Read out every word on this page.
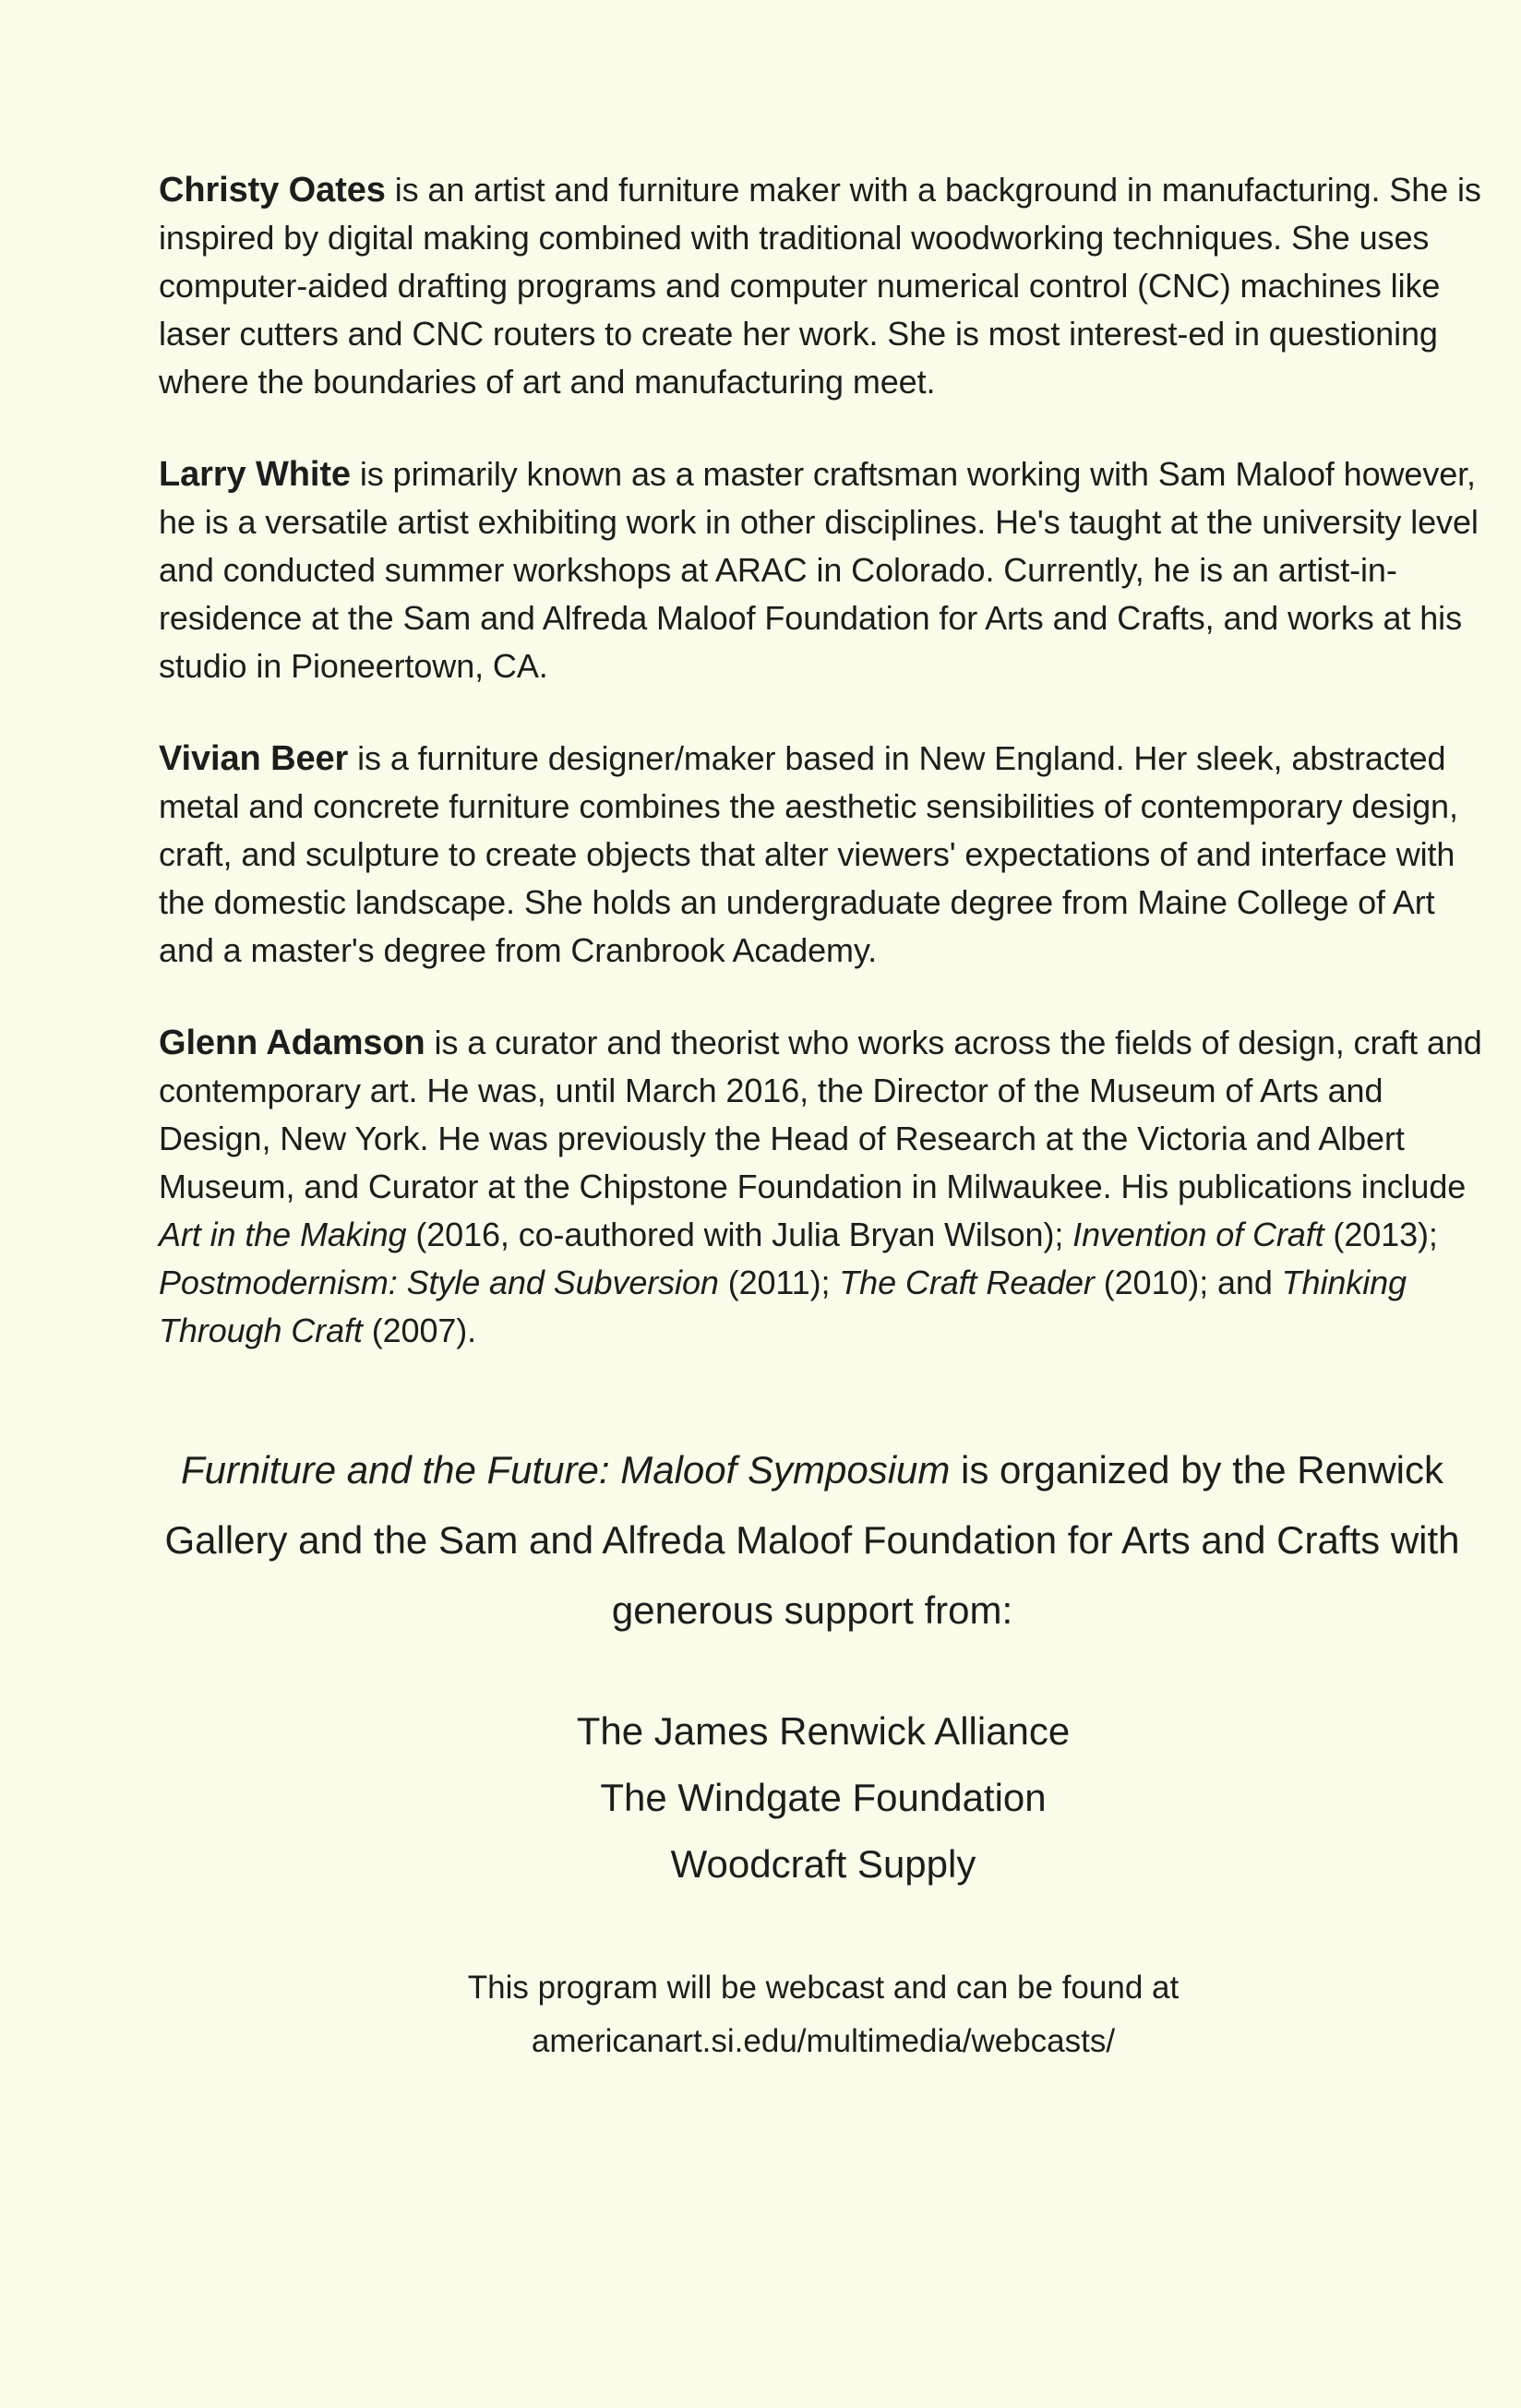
Christy Oates is an artist and furniture maker with a background in manufacturing. She is inspired by digital making combined with traditional woodworking techniques. She uses computer-aided drafting programs and computer numerical control (CNC) machines like laser cutters and CNC routers to create her work. She is most interest-ed in questioning where the boundaries of art and manufacturing meet.

Larry White is primarily known as a master craftsman working with Sam Maloof however, he is a versatile artist exhibiting work in other disciplines. He's taught at the university level and conducted summer workshops at ARAC in Colorado. Currently, he is an artist-in-residence at the Sam and Alfreda Maloof Foundation for Arts and Crafts, and works at his studio in Pioneertown, CA.

Vivian Beer is a furniture designer/maker based in New England. Her sleek, abstracted metal and concrete furniture combines the aesthetic sensibilities of contemporary design, craft, and sculpture to create objects that alter viewers' expectations of and interface with the domestic landscape. She holds an undergraduate degree from Maine College of Art and a master's degree from Cranbrook Academy.

Glenn Adamson is a curator and theorist who works across the fields of design, craft and contemporary art. He was, until March 2016, the Director of the Museum of Arts and Design, New York. He was previously the Head of Research at the Victoria and Albert Museum, and Curator at the Chipstone Foundation in Milwaukee. His publications include Art in the Making (2016, co-authored with Julia Bryan Wilson); Invention of Craft (2013); Postmodernism: Style and Subversion (2011); The Craft Reader (2010); and Thinking Through Craft (2007).

Furniture and the Future: Maloof Symposium is organized by the Renwick Gallery and the Sam and Alfreda Maloof Foundation for Arts and Crafts with generous support from:
The James Renwick Alliance
The Windgate Foundation
Woodcraft Supply
This program will be webcast and can be found at
americanart.si.edu/multimedia/webcasts/
